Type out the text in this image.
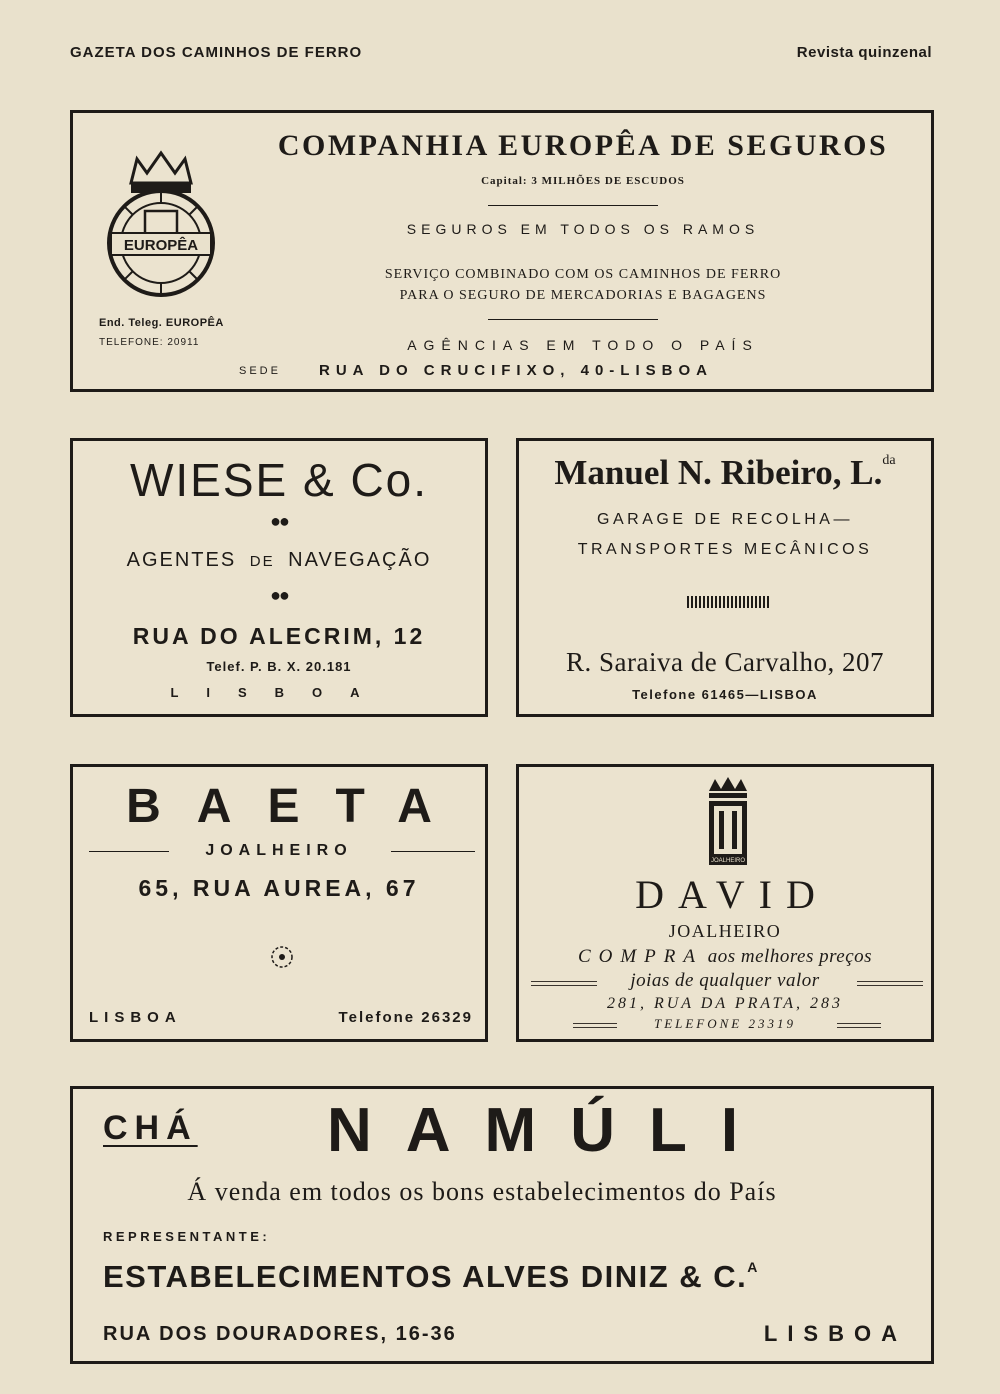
GAZETA DOS CAMINHOS DE FERRO	Revista quinzenal
EUROPÊA
End. Teleg. EUROPÊA
TELEFONE: 20911
COMPANHIA EUROPÊA DE SEGUROS
Capital: 3 MILHÕES DE ESCUDOS
SEGUROS EM TODOS OS RAMOS
SERVIÇO COMBINADO COM OS CAMINHOS DE FERRO
PARA O SEGURO DE MERCADORIAS E BAGAGENS
AGÊNCIAS EM TODO O PAÍS
SEDE	RUA DO CRUCIFIXO, 40-LISBOA
WIESE & Co.
●●
AGENTES DE NAVEGAÇÃO
●●
RUA DO ALECRIM, 12
Telef. P. B. X. 20.181
LISBOA
Manuel N. Ribeiro, L.$^{da}$
GARAGE DE RECOLHA—
TRANSPORTES MECÂNICOS
R. Saraiva de Carvalho, 207
Telefone 61465—LISBOA
BAETA
JOALHEIRO
65, RUA AUREA, 67
LISBOA	Telefone 26329
JOALHEIRO
DAVID
JOALHEIRO
COMPRA aos melhores preços
joias de qualquer valor
281, RUA DA PRATA, 283
TELEFONE 23319
CHÁ NAMÚLI
Á venda em todos os bons estabelecimentos do País
REPRESENTANTE:
ESTABELECIMENTOS ALVES DINIZ & C.$^A$
RUA DOS DOURADORES, 16-36	LISBOA
